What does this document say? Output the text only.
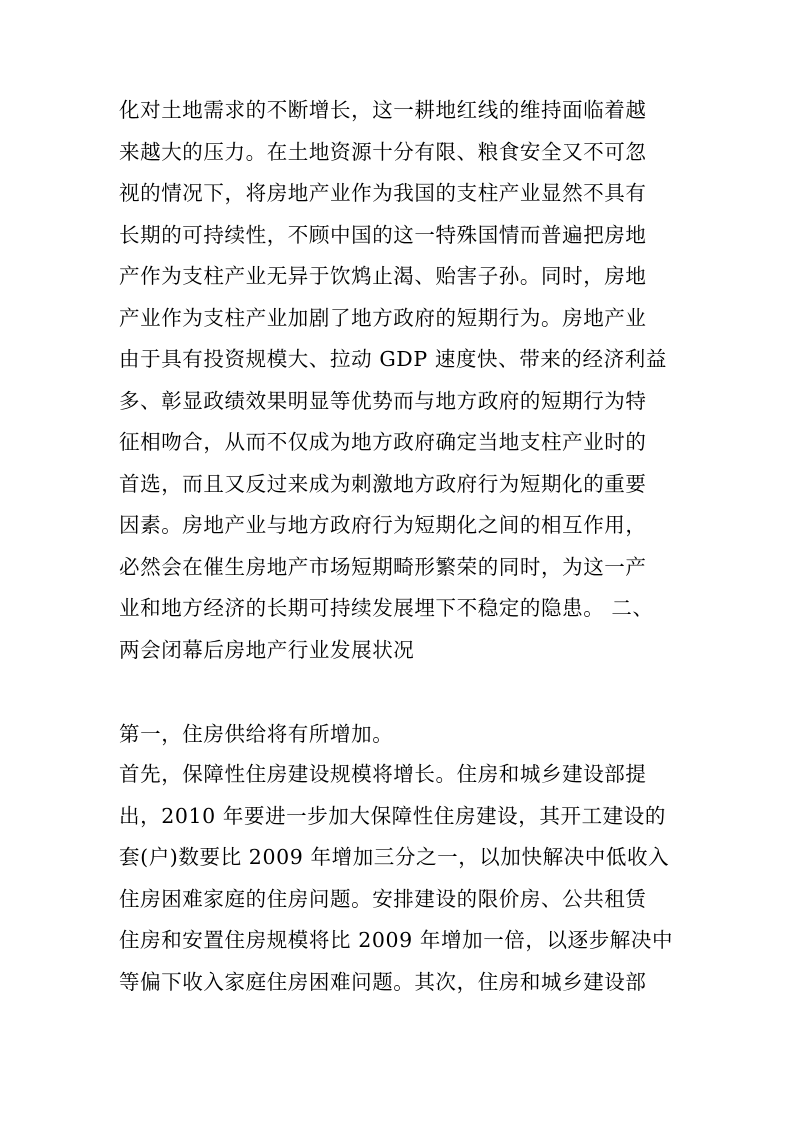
化对土地需求的不断增长，这一耕地红线的维持面临着越
来越大的压力。在土地资源十分有限、粮食安全又不可忽
视的情况下，将房地产业作为我国的支柱产业显然不具有
长期的可持续性，不顾中国的这一特殊国情而普遍把房地
产作为支柱产业无异于饮鸩止渴、贻害子孙。同时，房地
产业作为支柱产业加剧了地方政府的短期行为。房地产业
由于具有投资规模大、拉动 GDP 速度快、带来的经济利益
多、彰显政绩效果明显等优势而与地方政府的短期行为特
征相吻合，从而不仅成为地方政府确定当地支柱产业时的
首选，而且又反过来成为刺激地方政府行为短期化的重要
因素。房地产业与地方政府行为短期化之间的相互作用，
必然会在催生房地产市场短期畸形繁荣的同时，为这一产
业和地方经济的长期可持续发展埋下不稳定的隐患。 二、
两会闭幕后房地产行业发展状况
第一，住房供给将有所增加。
首先，保障性住房建设规模将增长。住房和城乡建设部提
出，2010 年要进一步加大保障性住房建设，其开工建设的
套(户)数要比 2009 年增加三分之一，以加快解决中低收入
住房困难家庭的住房问题。安排建设的限价房、公共租赁
住房和安置住房规模将比 2009 年增加一倍，以逐步解决中
等偏下收入家庭住房困难问题。其次，住房和城乡建设部
